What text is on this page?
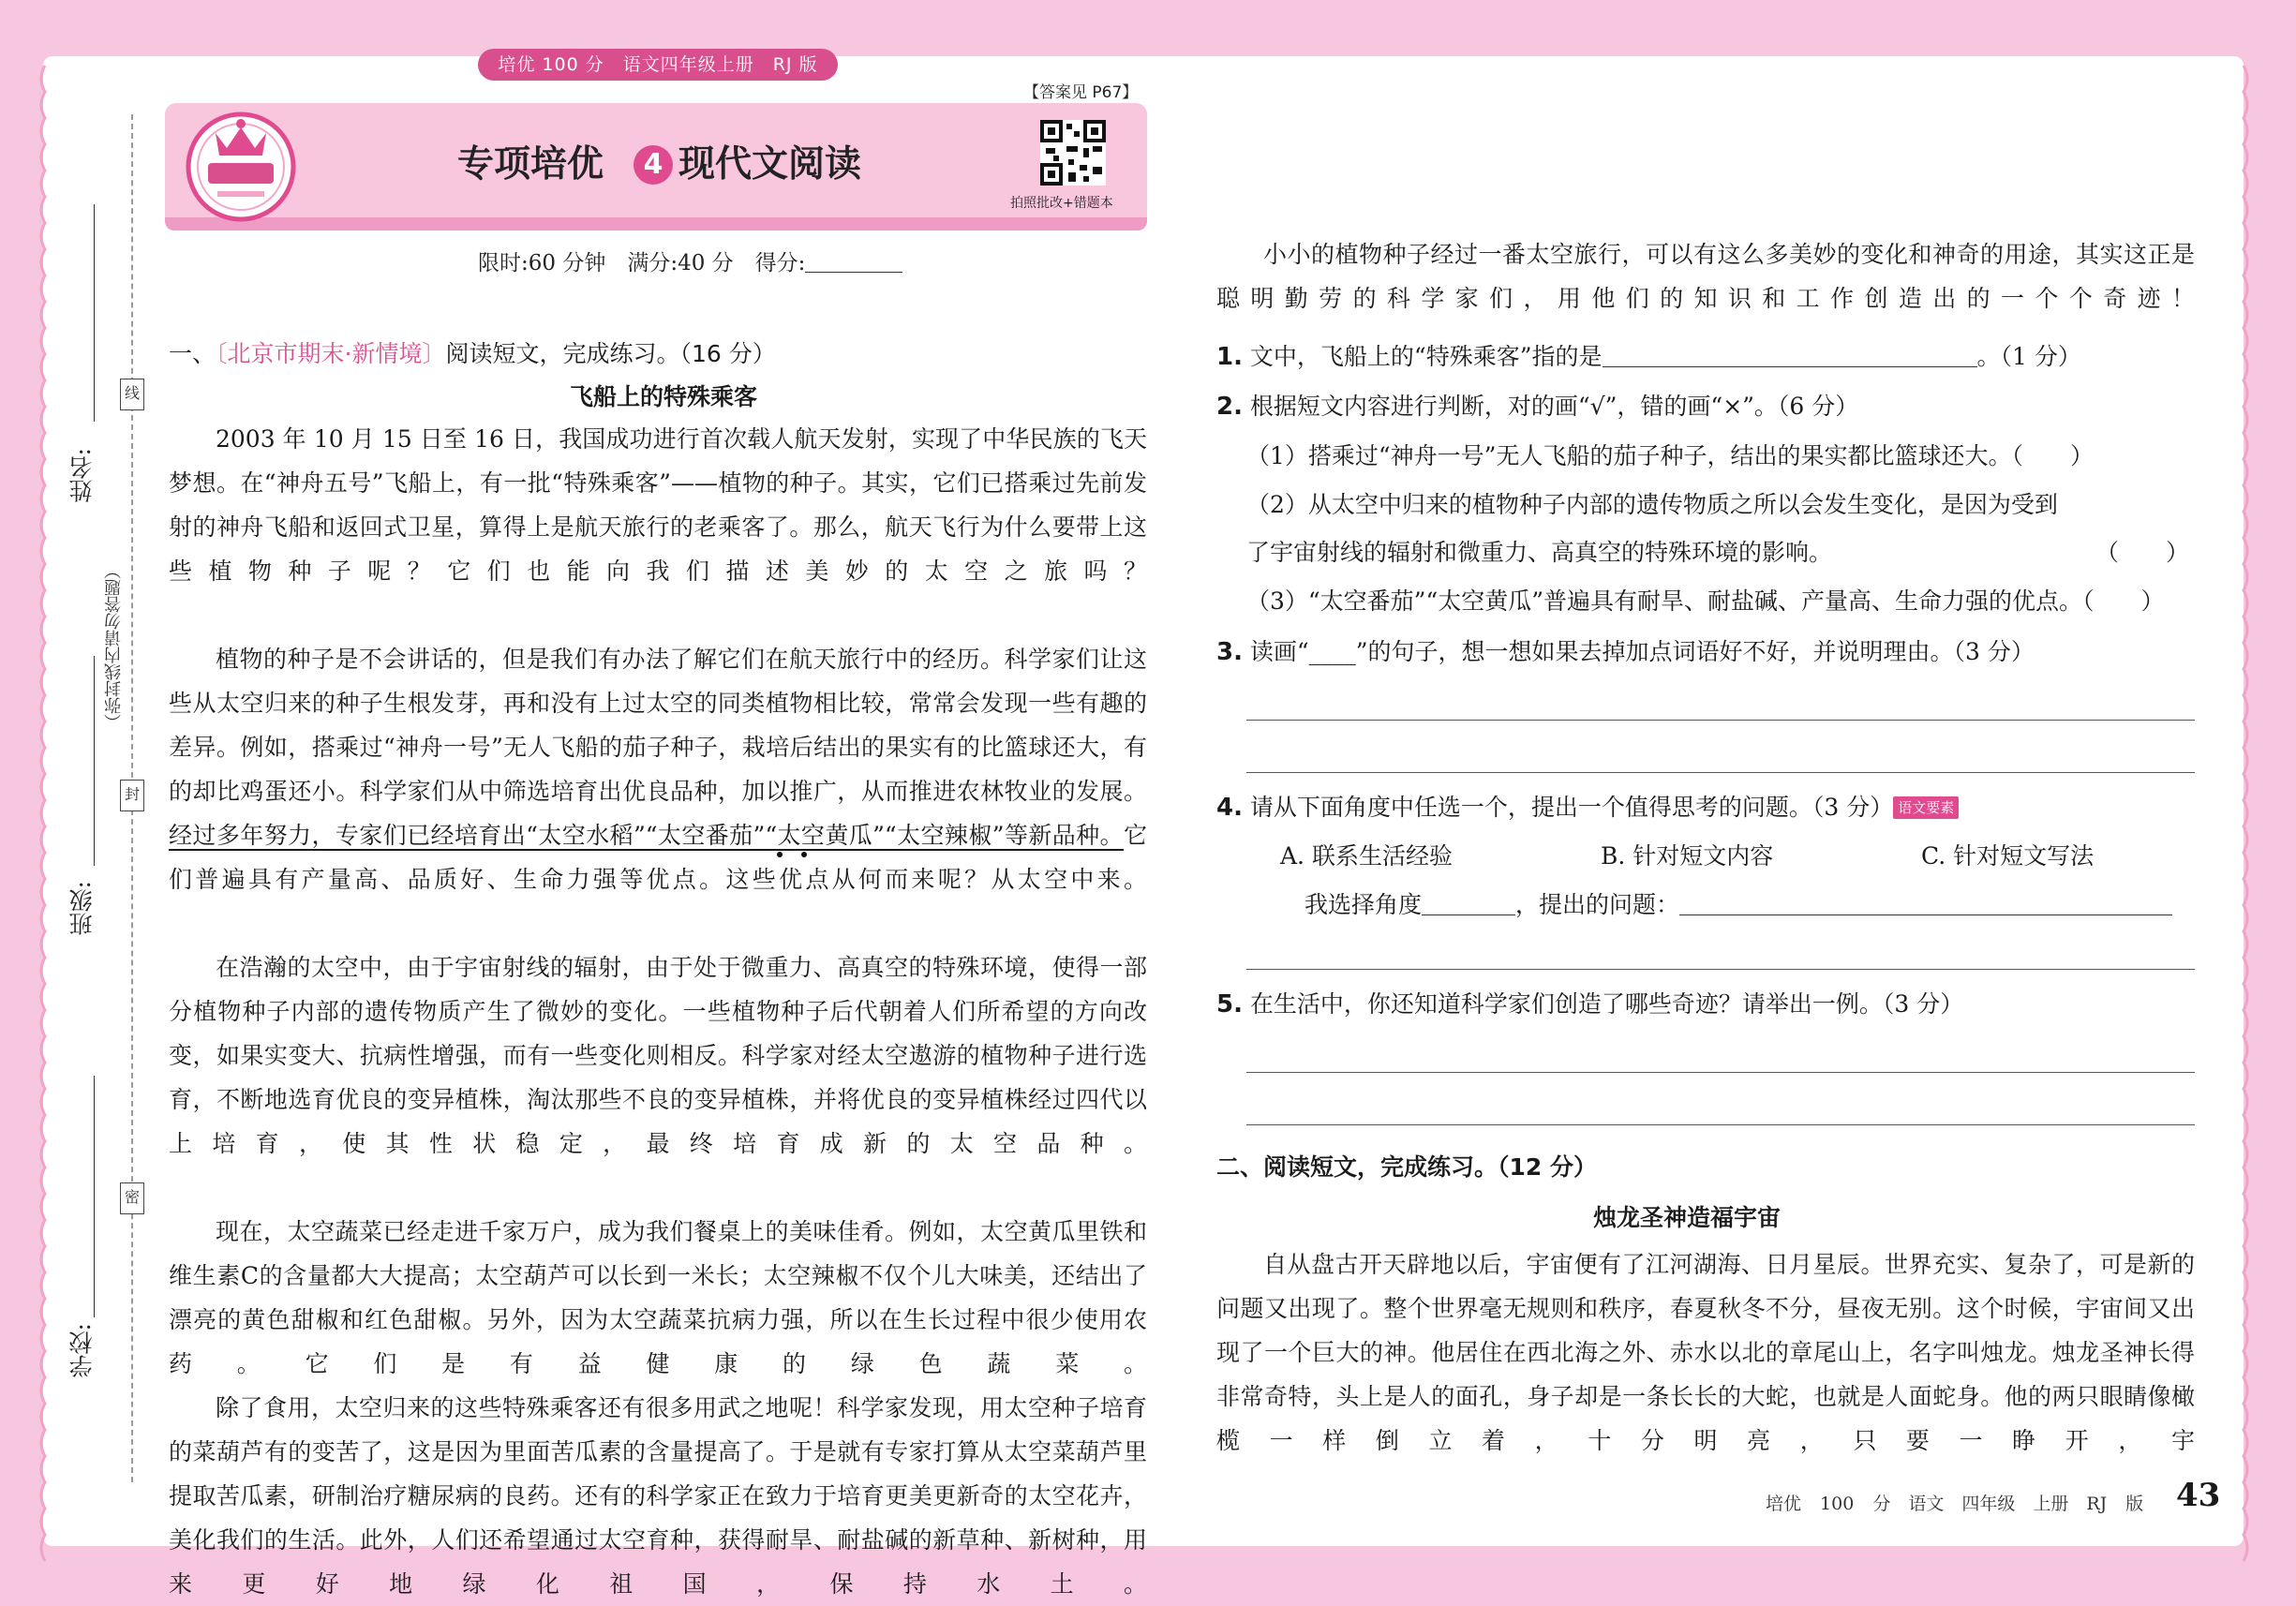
培优 100 分　语文四年级上册　RJ 版
【答案见 P67】
专项培优 4 现代文阅读
拍照批改+错题本
限时:60 分钟　满分:40 分　得分:
姓名:
班级:
学校:
线
封
密
（弥封线内请勿答题）
一、〔北京市期末·新情境〕阅读短文，完成练习。（16 分）
飞船上的特殊乘客
2003 年 10 月 15 日至 16 日，我国成功进行首次载人航天发射，实现了中华民族的飞天梦想。在“神舟五号”飞船上，有一批“特殊乘客”——植物的种子。其实，它们已搭乘过先前发射的神舟飞船和返回式卫星，算得上是航天旅行的老乘客了。那么，航天飞行为什么要带上这些植物种子呢？它们也能向我们描述美妙的太空之旅吗？
植物的种子是不会讲话的，但是我们有办法了解它们在航天旅行中的经历。科学家们让这些从太空归来的种子生根发芽，再和没有上过太空的同类植物相比较，常常会发现一些有趣的差异。例如，搭乘过“神舟一号”无人飞船的茄子种子，栽培后结出的果实有的比篮球还大，有的却比鸡蛋还小。科学家们从中筛选培育出优良品种，加以推广，从而推进农林牧业的发展。经过多年努力，专家们已经培育出“太空水稻”“太空番茄”“太空黄瓜”“太空辣椒”等新品种。它们普遍具有产量高、品质好、生命力强等优点。这些优点从何而来呢？从太空中来。
在浩瀚的太空中，由于宇宙射线的辐射，由于处于微重力、高真空的特殊环境，使得一部分植物种子内部的遗传物质产生了微妙的变化。一些植物种子后代朝着人们所希望的方向改变，如果实变大、抗病性增强，而有一些变化则相反。科学家对经太空遨游的植物种子进行选育，不断地选育优良的变异植株，淘汰那些不良的变异植株，并将优良的变异植株经过四代以上培育，使其性状稳定，最终培育成新的太空品种。
现在，太空蔬菜已经走进千家万户，成为我们餐桌上的美味佳肴。例如，太空黄瓜里铁和维生素C的含量都大大提高；太空葫芦可以长到一米长；太空辣椒不仅个儿大味美，还结出了漂亮的黄色甜椒和红色甜椒。另外，因为太空蔬菜抗病力强，所以在生长过程中很少使用农药。它们是有益健康的绿色蔬菜。
除了食用，太空归来的这些特殊乘客还有很多用武之地呢！科学家发现，用太空种子培育的菜葫芦有的变苦了，这是因为里面苦瓜素的含量提高了。于是就有专家打算从太空菜葫芦里提取苦瓜素，研制治疗糖尿病的良药。还有的科学家正在致力于培育更美更新奇的太空花卉，美化我们的生活。此外，人们还希望通过太空育种，获得耐旱、耐盐碱的新草种、新树种，用来更好地绿化祖国，保持水土。
小小的植物种子经过一番太空旅行，可以有这么多美妙的变化和神奇的用途，其实这正是聪明勤劳的科学家们，用他们的知识和工作创造出的一个个奇迹！
1. 文中，飞船上的“特殊乘客”指的是	。（1 分）
2. 根据短文内容进行判断，对的画“√”，错的画“×”。（6 分）
（1）搭乘过“神舟一号”无人飞船的茄子种子，结出的果实都比篮球还大。（　　）
（2）从太空中归来的植物种子内部的遗传物质之所以会发生变化，是因为受到
了宇宙射线的辐射和微重力、高真空的特殊环境的影响。	（　　）
（3）“太空番茄”“太空黄瓜”普遍具有耐旱、耐盐碱、产量高、生命力强的优点。（　　）
3. 读画“____”的句子，想一想如果去掉加点词语好不好，并说明理由。（3 分）
4. 请从下面角度中任选一个，提出一个值得思考的问题。（3 分） 语文要素
A. 联系生活经验	B. 针对短文内容	C. 针对短文写法
我选择角度	，提出的问题：
5. 在生活中，你还知道科学家们创造了哪些奇迹？请举出一例。（3 分）
二、阅读短文，完成练习。（12 分）
烛龙圣神造福宇宙
自从盘古开天辟地以后，宇宙便有了江河湖海、日月星辰。世界充实、复杂了，可是新的问题又出现了。整个世界毫无规则和秩序，春夏秋冬不分，昼夜无别。这个时候，宇宙间又出现了一个巨大的神。他居住在西北海之外、赤水以北的章尾山上，名字叫烛龙。烛龙圣神长得非常奇特，头上是人的面孔，身子却是一条长长的大蛇，也就是人面蛇身。他的两只眼睛像橄榄一样倒立着，十分明亮，只要一睁开，宇
培优 100 分　语文　四年级　上册　RJ 版 43
